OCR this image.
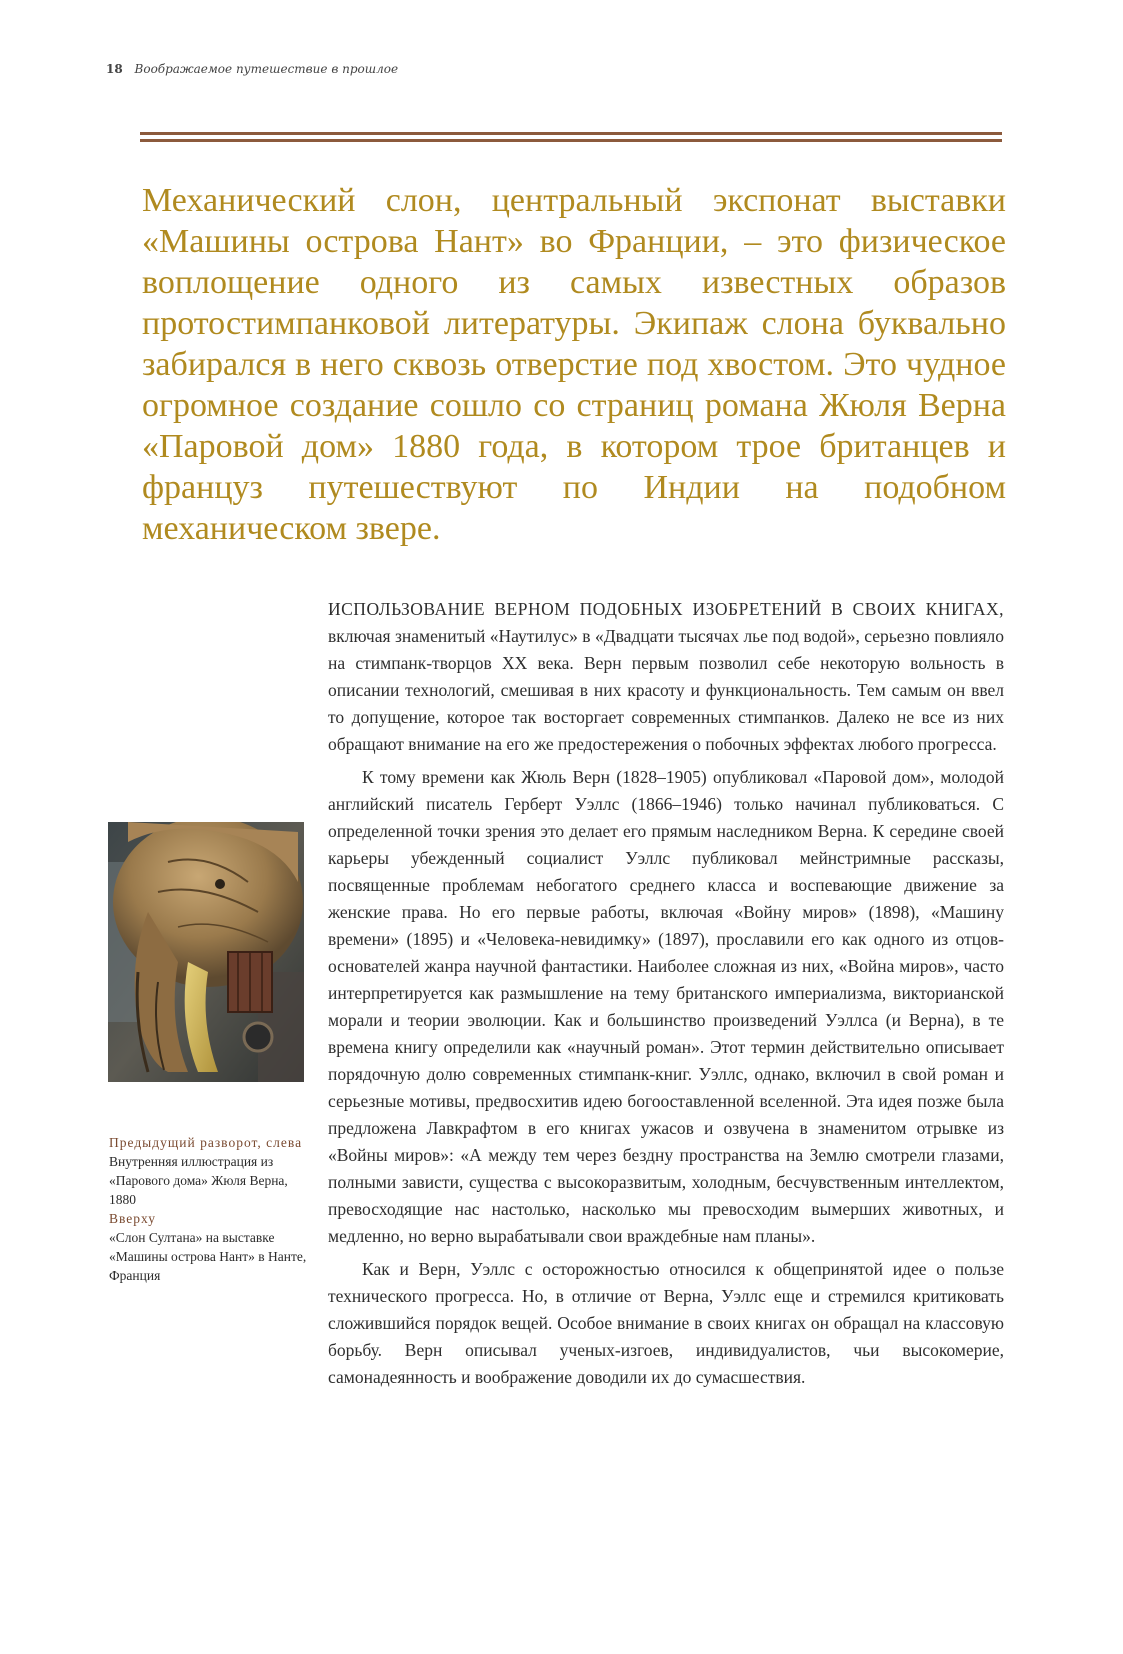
18 Воображаемое путешествие в прошлое

Механический слон, центральный экспонат выставки «Машины острова Нант» во Франции, – это физическое воплощение одного из самых известных образов протостимпанковой литературы. Экипаж слона буквально забирался в него сквозь отверстие под хвостом. Это чудное огромное создание сошло со страниц романа Жюля Верна «Паровой дом» 1880 года, в котором трое британцев и француз путешествуют по Индии на подобном механическом звере.

ИСПОЛЬЗОВАНИЕ ВЕРНОМ ПОДОБНЫХ ИЗОБРЕТЕНИЙ В СВОИХ КНИГАХ, включая знаменитый «Наутилус» в «Двадцати тысячах лье под водой», серьезно повлияло на стимпанк-творцов XX века. Верн первым позволил себе некоторую вольность в описании технологий, смешивая в них красоту и функциональность. Тем самым он ввел то допущение, которое так восторгает современных стимпанков. Далеко не все из них обращают внимание на его же предостережения о побочных эффектах любого прогресса.

К тому времени как Жюль Верн (1828–1905) опубликовал «Паровой дом», молодой английский писатель Герберт Уэллс (1866–1946) только начинал публиковаться. С определенной точки зрения это делает его прямым наследником Верна. К середине своей карьеры убежденный социалист Уэллс публиковал мейнстримные рассказы, посвященные проблемам небогатого среднего класса и воспевающие движение за женские права. Но его первые работы, включая «Войну миров» (1898), «Машину времени» (1895) и «Человека-невидимку» (1897), прославили его как одного из отцов-основателей жанра научной фантастики. Наиболее сложная из них, «Война миров», часто интерпретируется как размышление на тему британского империализма, викторианской морали и теории эволюции. Как и большинство произведений Уэллса (и Верна), в те времена книгу определили как «научный роман». Этот термин действительно описывает порядочную долю современных стимпанк-книг. Уэллс, однако, включил в свой роман и серьезные мотивы, предвосхитив идею богооставленной вселенной. Эта идея позже была предложена Лавкрафтом в его книгах ужасов и озвучена в знаменитом отрывке из «Войны миров»: «А между тем через бездну пространства на Землю смотрели глазами, полными зависти, существа с высокоразвитым, холодным, бесчувственным интеллектом, превосходящие нас настолько, насколько мы превосходим вымерших животных, и медленно, но верно вырабатывали свои враждебные нам планы».

Как и Верн, Уэллс с осторожностью относился к общепринятой идее о пользе технического прогресса. Но, в отличие от Верна, Уэллс еще и стремился критиковать сложившийся порядок вещей. Особое внимание в своих книгах он обращал на классовую борьбу. Верн описывал ученых-изгоев, индивидуалистов, чьи высокомерие, самонадеянность и воображение доводили их до сумасшествия.

Предыдущий разворот, слева
Внутренняя иллюстрация из «Парового дома» Жюля Верна, 1880
Вверху
«Слон Султана» на выставке «Машины острова Нант» в Нанте, Франция
